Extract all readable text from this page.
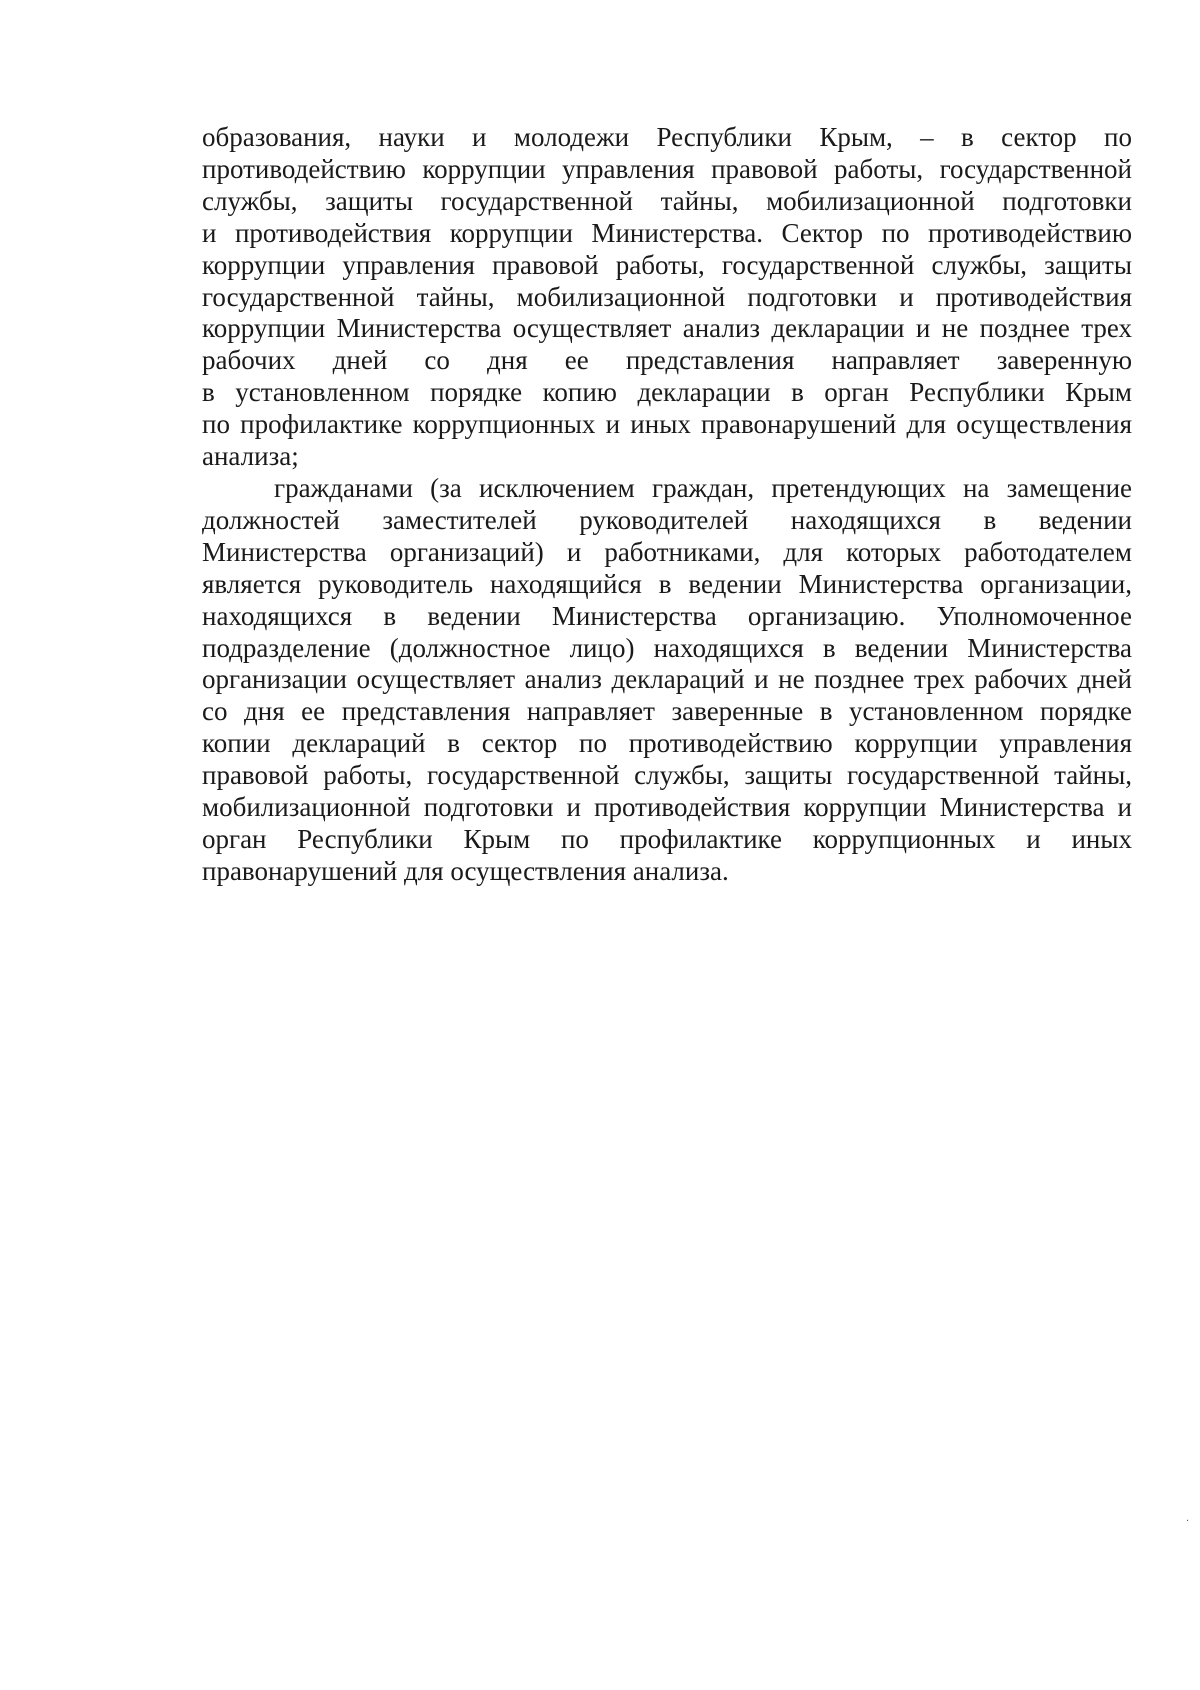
образования, науки и молодежи Республики Крым, – в сектор по
противодействию коррупции управления правовой работы, государственной
службы, защиты государственной тайны, мобилизационной подготовки
и противодействия коррупции Министерства. Сектор по противодействию
коррупции управления правовой работы, государственной службы, защиты
государственной тайны, мобилизационной подготовки и противодействия
коррупции Министерства осуществляет анализ декларации и не позднее трех
рабочих дней со дня ее представления направляет заверенную
в установленном порядке копию декларации в орган Республики Крым
по профилактике коррупционных и иных правонарушений для осуществления
анализа;

гражданами (за исключением граждан, претендующих на замещение
должностей заместителей руководителей находящихся в ведении
Министерства организаций) и работниками, для которых работодателем
является руководитель находящийся в ведении Министерства организации,
находящихся в ведении Министерства организацию. Уполномоченное
подразделение (должностное лицо) находящихся в ведении Министерства
организации осуществляет анализ деклараций и не позднее трех рабочих дней
со дня ее представления направляет заверенные в установленном порядке
копии деклараций в сектор по противодействию коррупции управления
правовой работы, государственной службы, защиты государственной тайны,
мобилизационной подготовки и противодействия коррупции Министерства и
орган Республики Крым по профилактике коррупционных и иных
правонарушений для осуществления анализа.

·
